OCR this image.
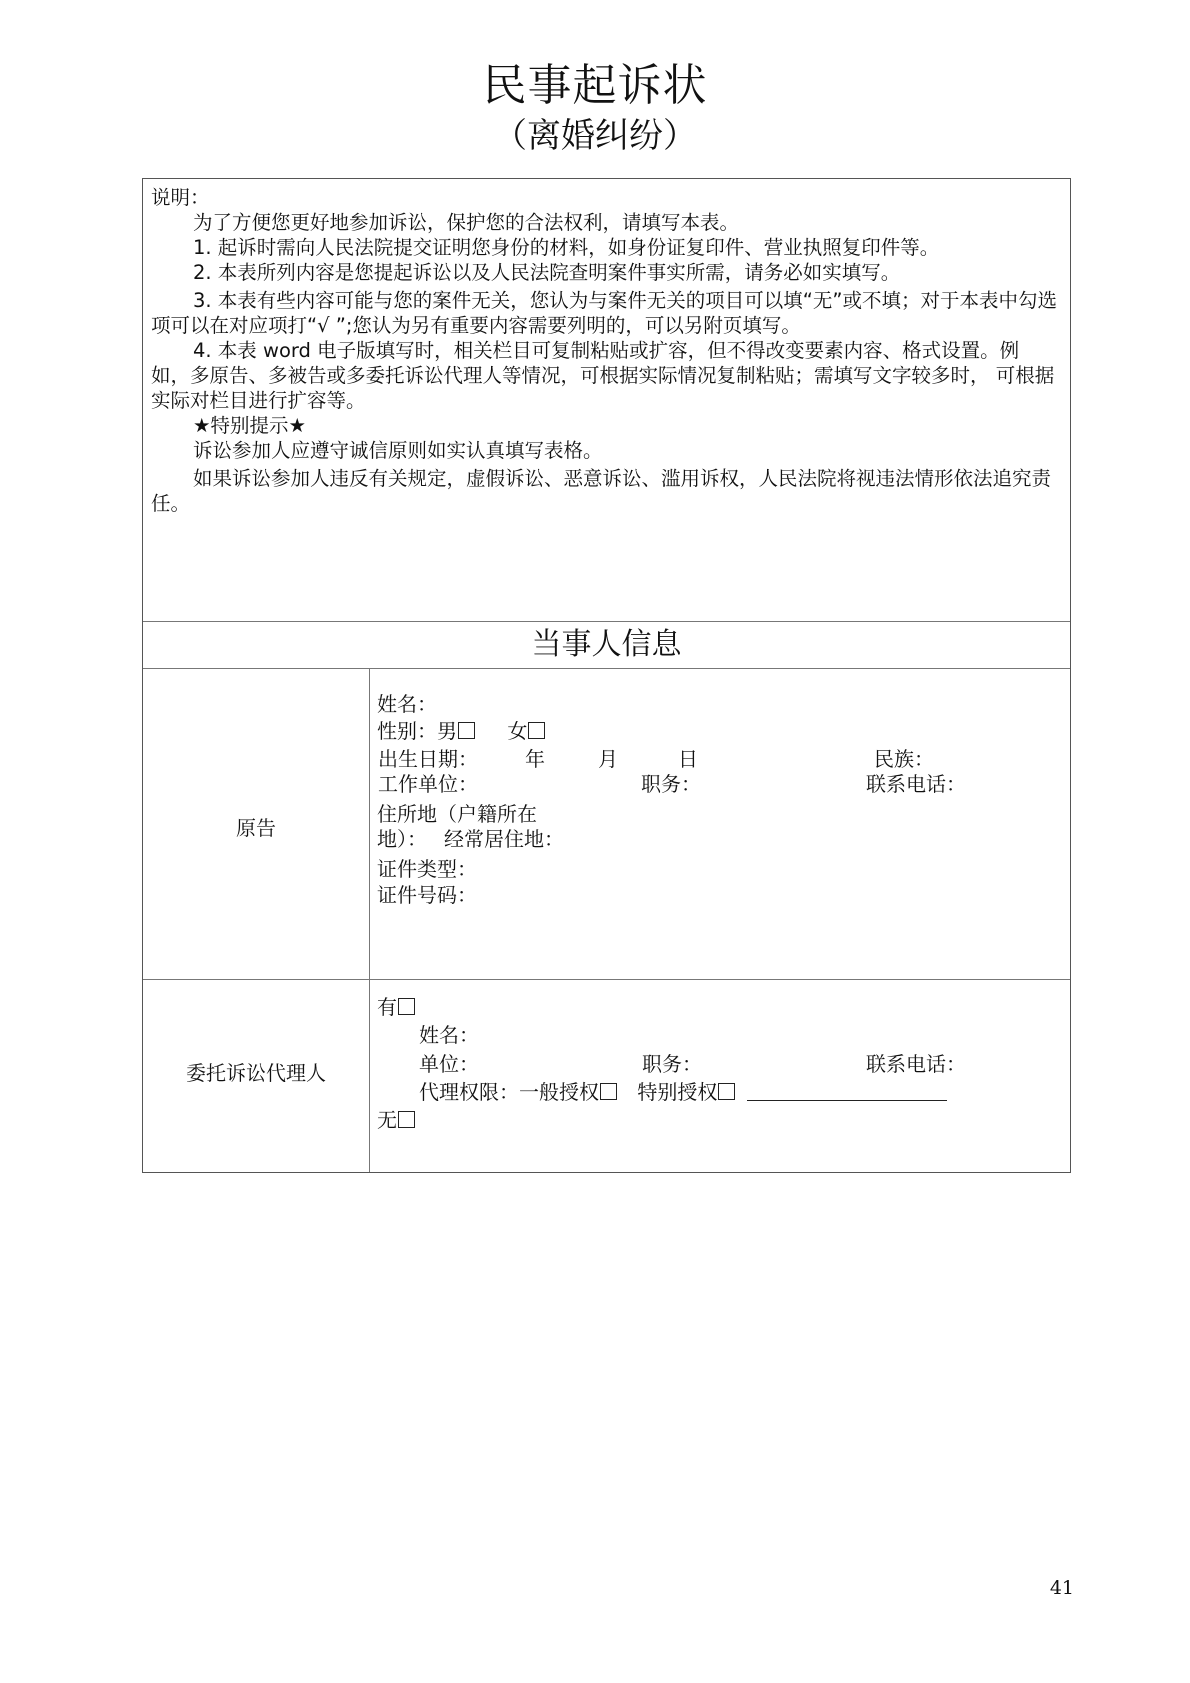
民事起诉状
（离婚纠纷）

说明：

为了方便您更好地参加诉讼，保护您的合法权利，请填写本表。

1. 起诉时需向人民法院提交证明您身份的材料，如身份证复印件、营业执照复印件等。

2. 本表所列内容是您提起诉讼以及人民法院查明案件事实所需，请务必如实填写。

3. 本表有些内容可能与您的案件无关，您认为与案件无关的项目可以填“无”或不填；对于本表中勾选项可以在对应项打“√ ”;您认为另有重要内容需要列明的，可以另附页填写。

4. 本表 word 电子版填写时，相关栏目可复制粘贴或扩容，但不得改变要素内容、格式设置。例 如，多原告、多被告或多委托诉讼代理人等情况，可根据实际情况复制粘贴；需填写文字较多时， 可根据实际对栏目进行扩容等。

★特别提示★

诉讼参加人应遵守诚信原则如实认真填写表格。

如果诉讼参加人违反有关规定，虚假诉讼、恶意诉讼、滥用诉权，人民法院将视违法情形依法追究责任。

当事人信息
原告
姓名：
性别：男	女
出生日期： 年	月	日	民族：
工作单位：	职务：	联系电话：
住所地（户籍所在
地）： 经常居住地：
证件类型：
证件号码：
委托诉讼代理人
有
姓名：
单位：	职务：	联系电话：
代理权限：一般授权 特别授权
无
41
